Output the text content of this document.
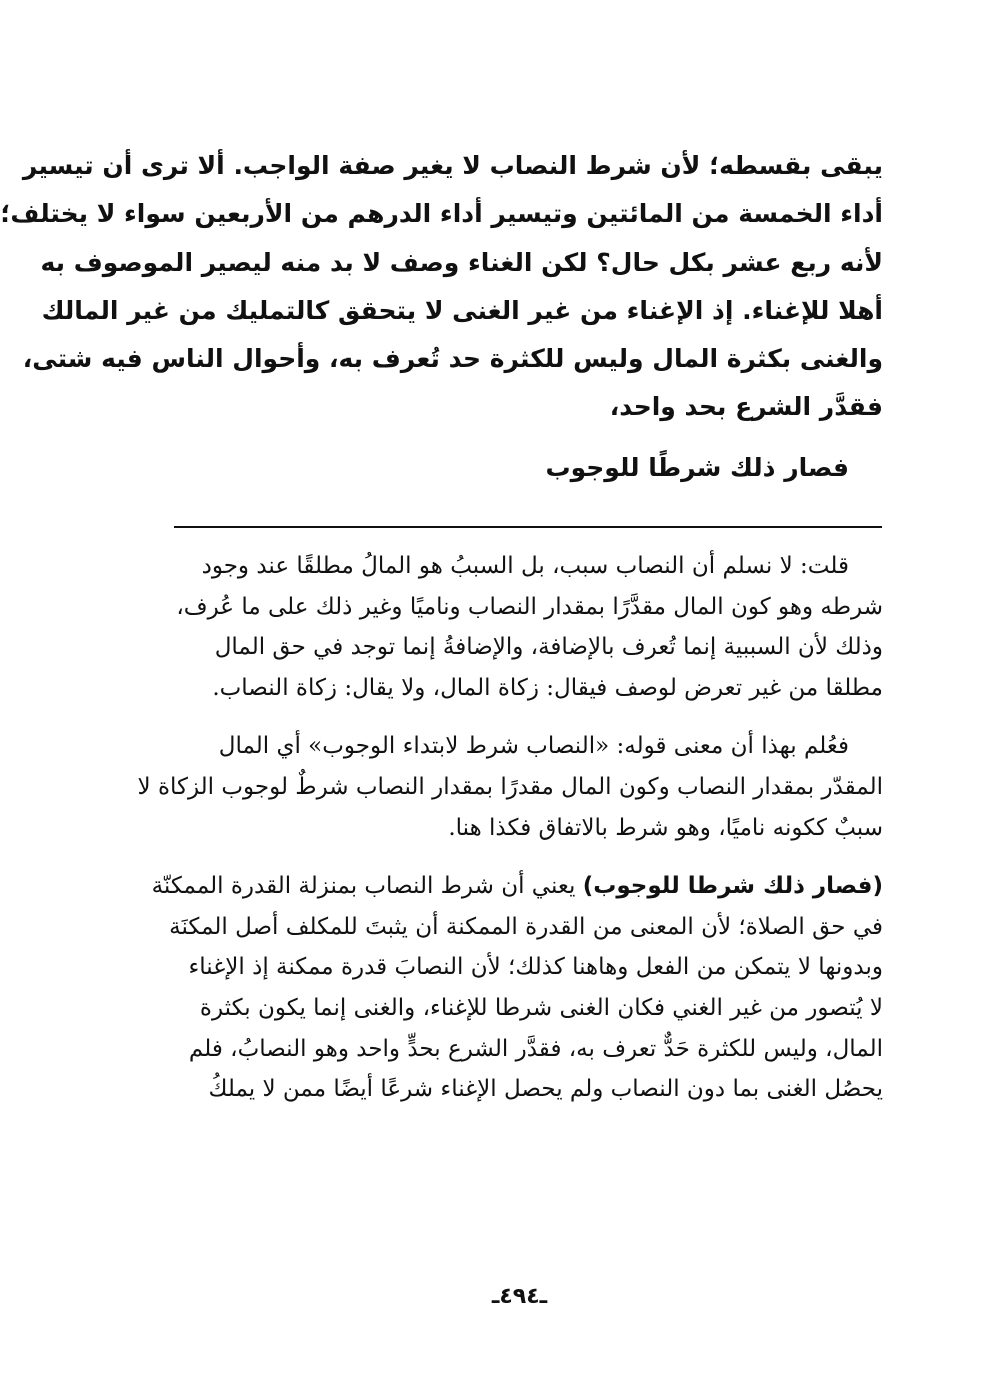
يبقى بقسطه؛ لأن شرط النصاب لا يغير صفة الواجب. ألا ترى أن تيسير
أداء الخمسة من المائتين وتيسير أداء الدرهم من الأربعين سواء لا يختلف؛
لأنه ربع عشر بكل حال؟ لكن الغناء وصف لا بد منه ليصير الموصوف به
أهلا للإغناء. إذ الإغناء من غير الغنى لا يتحقق كالتمليك من غير المالك
والغنى بكثرة المال وليس للكثرة حد تُعرف به، وأحوال الناس فيه شتى،
فقدَّر الشرع بحد واحد،
فصار ذلك شرطًا للوجوب
قلت: لا نسلم أن النصاب سبب، بل السببُ هو المالُ مطلقًا عند وجود
شرطه وهو كون المال مقدَّرًا بمقدار النصاب وناميًا وغير ذلك على ما عُرف،
وذلك لأن السببية إنما تُعرف بالإضافة، والإضافةُ إنما توجد في حق المال
مطلقا من غير تعرض لوصف فيقال: زكاة المال، ولا يقال: زكاة النصاب.
فعُلم بهذا أن معنى قوله: «النصاب شرط لابتداء الوجوب» أي المال
المقدّر بمقدار النصاب وكون المال مقدرًا بمقدار النصاب شرطٌ لوجوب الزكاة لا
سببٌ ككونه ناميًا، وهو شرط بالاتفاق فكذا هنا.
(فصار ذلك شرطا للوجوب) يعني أن شرط النصاب بمنزلة القدرة الممكنّة
في حق الصلاة؛ لأن المعنى من القدرة الممكنة أن يثبتَ للمكلف أصل المكنَة
وبدونها لا يتمكن من الفعل وهاهنا كذلك؛ لأن النصابَ قدرة ممكنة إذ الإغناء
لا يُتصور من غير الغني فكان الغنى شرطا للإغناء، والغنى إنما يكون بكثرة
المال، وليس للكثرة حَدٌّ تعرف به، فقدَّر الشرع بحدٍّ واحد وهو النصابُ، فلم
يحصُل الغنى بما دون النصاب ولم يحصل الإغناء شرعًا أيضًا ممن لا يملكُ
ـ٤٩٤ـ
